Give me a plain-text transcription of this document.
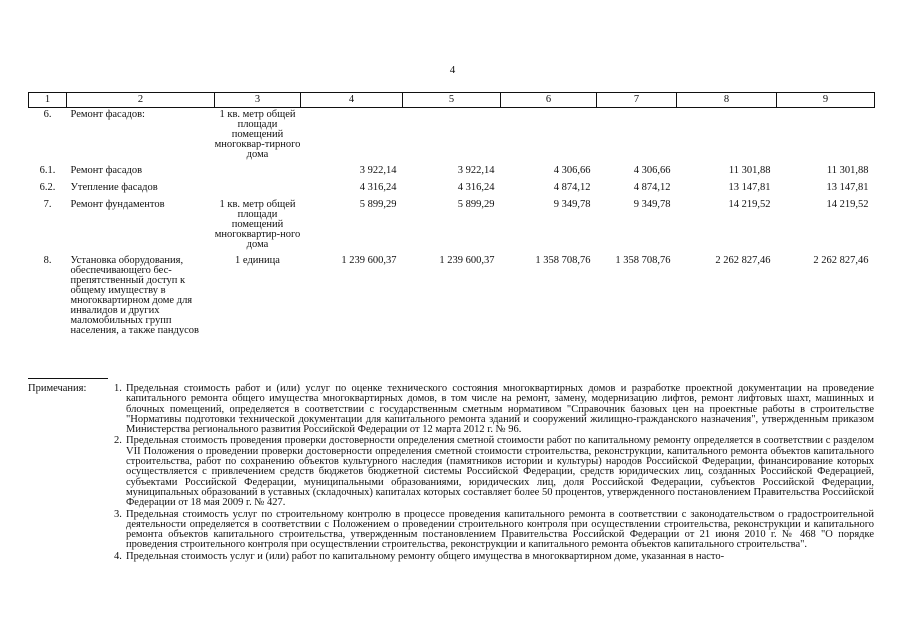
4
1	2	3	4	5	6	7	8	9
6.	Ремонт фасадов:	1 кв. метр общей площади помещений многоквар-тирного дома						
6.1.	Ремонт фасадов		3 922,14	3 922,14	4 306,66	4 306,66	11 301,88	11 301,88
6.2.	Утепление фасадов		4 316,24	4 316,24	4 874,12	4 874,12	13 147,81	13 147,81
7.	Ремонт фундаментов	1 кв. метр общей площади помещений многоквартир-ного дома	5 899,29	5 899,29	9 349,78	9 349,78	14 219,52	14 219,52
8.	Установка оборудования, обеспечивающего бес-препятственный доступ к общему имуществу в многоквартирном доме для инвалидов и других маломобильных групп населения, а также пандусов	1 единица	1 239 600,37	1 239 600,37	1 358 708,76	1 358 708,76	2 262 827,46	2 262 827,46
Примечания:	1. Предельная стоимость работ и (или) услуг по оценке технического состояния многоквартирных домов и разработке проектной документации на проведение капитального ремонта общего имущества многоквартирных домов, в том числе на ремонт, замену, модернизацию лифтов, ремонт лифтовых шахт, машинных и блочных помещений, определяется в соответствии с государственным сметным нормативом "Справочник базовых цен на проектные работы в строительстве "Нормативы подготовки технической документации для капитального ремонта зданий и сооружений жилищно-гражданского назначения", утвержденным приказом Министерства регионального развития Российской Федерации от 12 марта 2012 г. № 96.
2. Предельная стоимость проведения проверки достоверности определения сметной стоимости работ по капитальному ремонту определяется в соответствии с разделом VII Положения о проведении проверки достоверности определения сметной стоимости строительства, реконструкции, капитального ремонта объектов капитального строительства, работ по сохранению объектов культурного наследия (памятников истории и культуры) народов Российской Федерации, финансирование которых осуществляется с привлечением средств бюджетов бюджетной системы Российской Федерации, средств юридических лиц, созданных Российской Федерацией, субъектами Российской Федерации, муниципальными образованиями, юридических лиц, доля Российской Федерации, субъектов Российской Федерации, муниципальных образований в уставных (складочных) капиталах которых составляет более 50 процентов, утвержденного постановлением Правительства Российской Федерации от 18 мая 2009 г. № 427.
3. Предельная стоимость услуг по строительному контролю в процессе проведения капитального ремонта в соответствии с законодательством о градостроительной деятельности определяется в соответствии с Положением о проведении строительного контроля при осуществлении строительства, реконструкции и капитального ремонта объектов капитального строительства, утвержденным постановлением Правительства Российской Федерации от 21 июня 2010 г. № 468 "О порядке проведения строительного контроля при осуществлении строительства, реконструкции и капитального ремонта объектов капитального строительства".
4. Предельная стоимость услуг и (или) работ по капитальному ремонту общего имущества в многоквартирном доме, указанная в насто-
